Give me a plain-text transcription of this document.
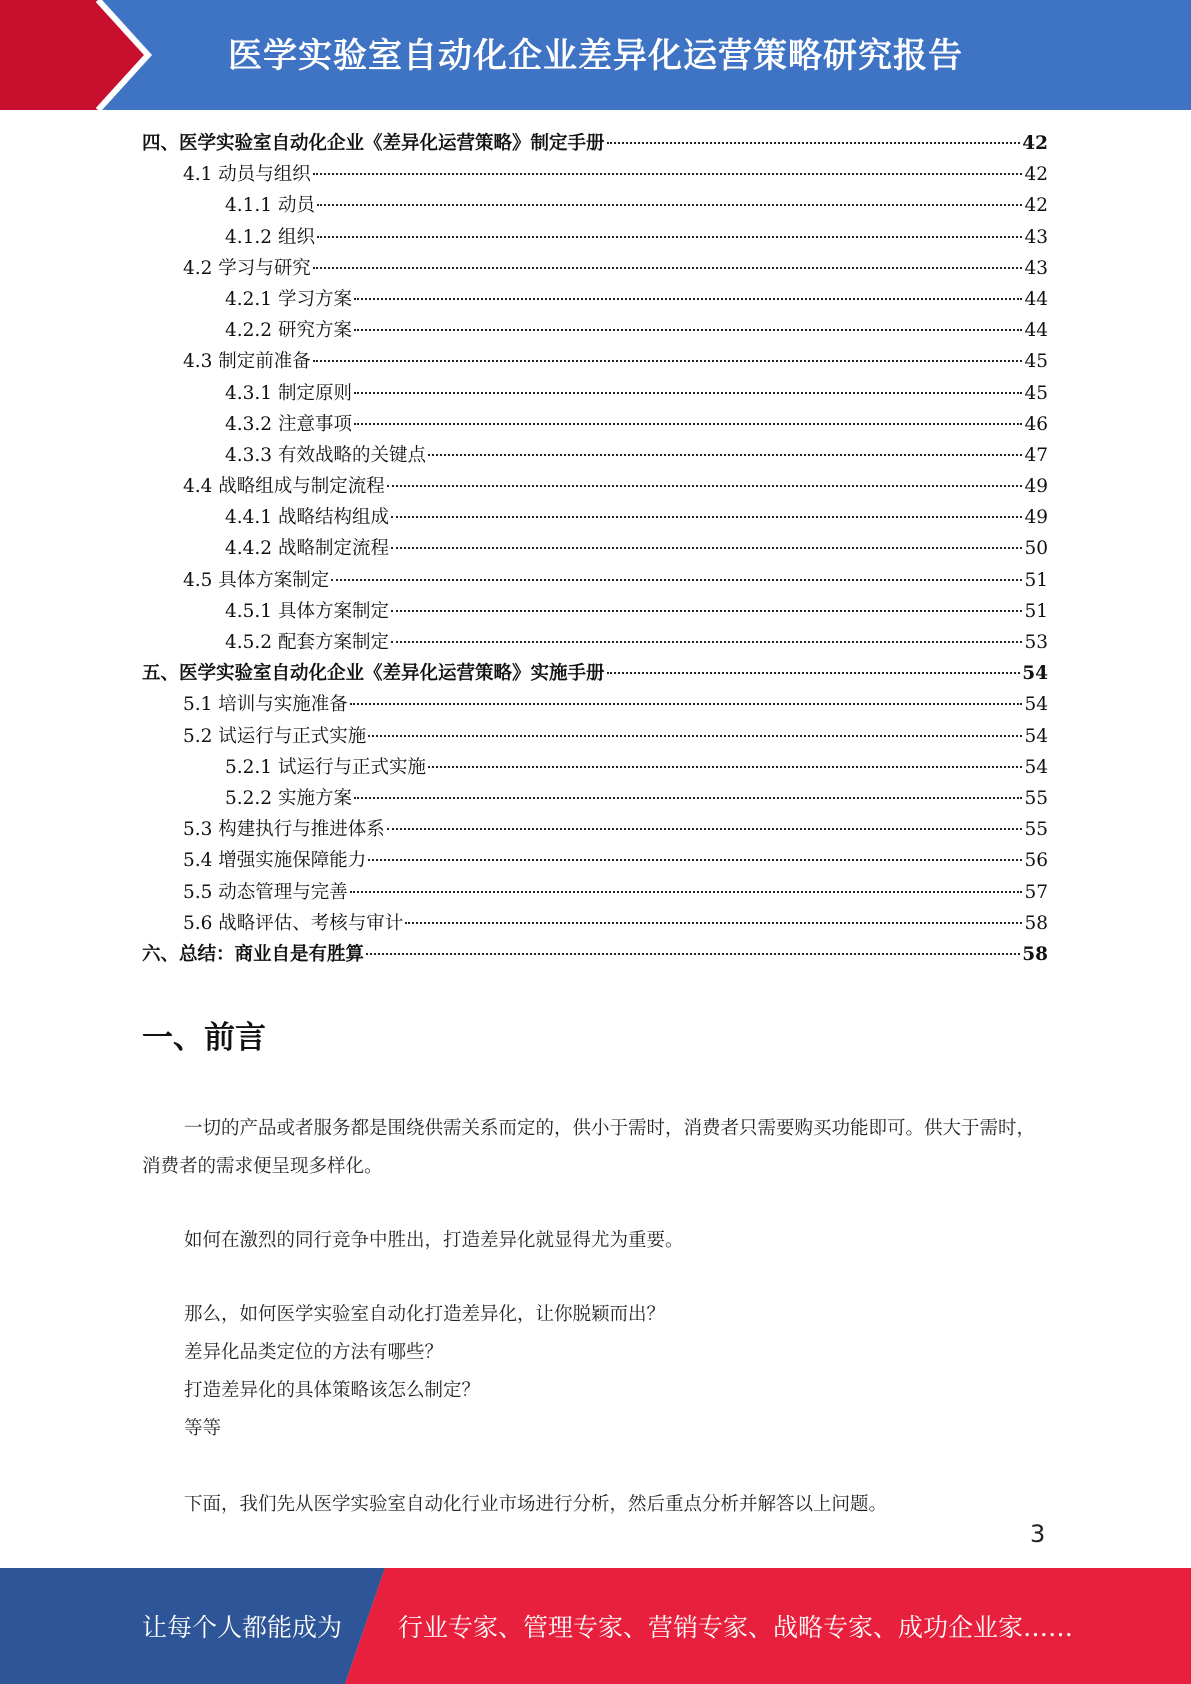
医学实验室自动化企业差异化运营策略研究报告
四、医学实验室自动化企业《差异化运营策略》制定手册	42
4.1 动员与组织	42
4.1.1 动员	42
4.1.2 组织	43
4.2 学习与研究	43
4.2.1 学习方案	44
4.2.2 研究方案	44
4.3 制定前准备	45
4.3.1 制定原则	45
4.3.2 注意事项	46
4.3.3 有效战略的关键点	47
4.4 战略组成与制定流程	49
4.4.1 战略结构组成	49
4.4.2 战略制定流程	50
4.5 具体方案制定	51
4.5.1 具体方案制定	51
4.5.2 配套方案制定	53
五、医学实验室自动化企业《差异化运营策略》实施手册	54
5.1 培训与实施准备	54
5.2 试运行与正式实施	54
5.2.1 试运行与正式实施	54
5.2.2 实施方案	55
5.3 构建执行与推进体系	55
5.4 增强实施保障能力	56
5.5 动态管理与完善	57
5.6 战略评估、考核与审计	58
六、总结：商业自是有胜算	58
一、前言

一切的产品或者服务都是围绕供需关系而定的，供小于需时，消费者只需要购买功能即可。供大于需时，消费者的需求便呈现多样化。

如何在激烈的同行竞争中胜出，打造差异化就显得尤为重要。

那么，如何医学实验室自动化打造差异化，让你脱颖而出？

差异化品类定位的方法有哪些？

打造差异化的具体策略该怎么制定？

等等

下面，我们先从医学实验室自动化行业市场进行分析，然后重点分析并解答以上问题。

3
让每个人都能成为 行业专家、管理专家、营销专家、战略专家、成功企业家……
